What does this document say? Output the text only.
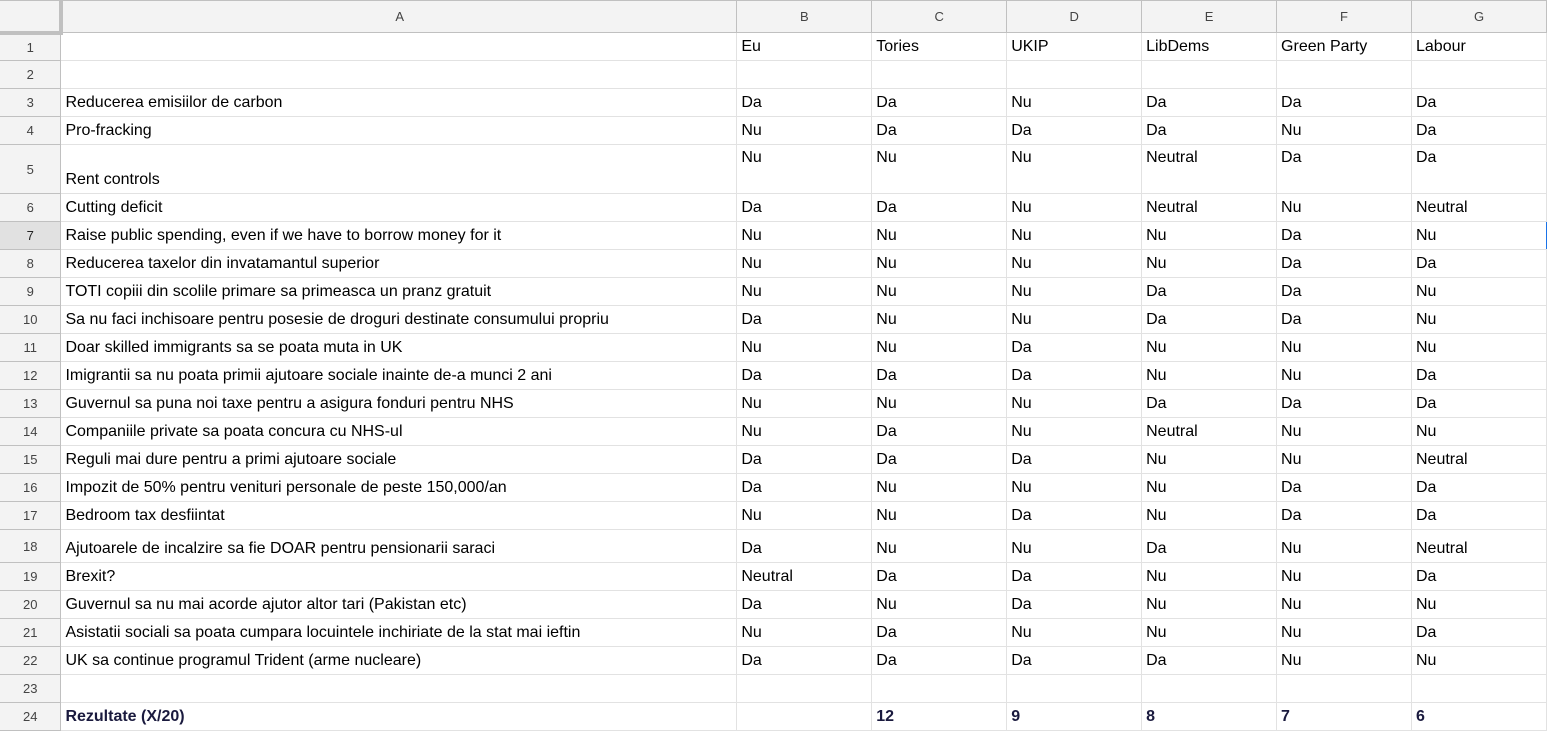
	A	B	C	D	E	F	G
1		Eu	Tories	UKIP	LibDems	Green Party	Labour
2							
3	Reducerea emisiilor de carbon	Da	Da	Nu	Da	Da	Da
4	Pro-fracking	Nu	Da	Da	Da	Nu	Da
5	Rent controls	Nu	Nu	Nu	Neutral	Da	Da
6	Cutting deficit	Da	Da	Nu	Neutral	Nu	Neutral
7	Raise public spending, even if we have to borrow money for it	Nu	Nu	Nu	Nu	Da	Nu
8	Reducerea taxelor din invatamantul superior	Nu	Nu	Nu	Nu	Da	Da
9	TOTI copiii din scolile primare sa primeasca un pranz gratuit	Nu	Nu	Nu	Da	Da	Nu
10	Sa nu faci inchisoare pentru posesie de droguri destinate consumului propriu	Da	Nu	Nu	Da	Da	Nu
11	Doar skilled immigrants sa se poata muta in UK	Nu	Nu	Da	Nu	Nu	Nu
12	Imigrantii sa nu poata primii ajutoare sociale inainte de-a munci 2 ani	Da	Da	Da	Nu	Nu	Da
13	Guvernul sa puna noi taxe pentru a asigura fonduri pentru NHS	Nu	Nu	Nu	Da	Da	Da
14	Companiile private sa poata concura cu NHS-ul	Nu	Da	Nu	Neutral	Nu	Nu
15	Reguli mai dure pentru a primi ajutoare sociale	Da	Da	Da	Nu	Nu	Neutral
16	Impozit de 50% pentru venituri personale de peste 150,000/an	Da	Nu	Nu	Nu	Da	Da
17	Bedroom tax desfiintat	Nu	Nu	Da	Nu	Da	Da
18	Ajutoarele de incalzire sa fie DOAR pentru pensionarii saraci	Da	Nu	Nu	Da	Nu	Neutral
19	Brexit?	Neutral	Da	Da	Nu	Nu	Da
20	Guvernul sa nu mai acorde ajutor altor tari (Pakistan etc)	Da	Nu	Da	Nu	Nu	Nu
21	Asistatii sociali sa poata cumpara locuintele inchiriate de la stat mai ieftin	Nu	Da	Nu	Nu	Nu	Da
22	UK sa continue programul Trident (arme nucleare)	Da	Da	Da	Da	Nu	Nu
23							
24	Rezultate (X/20)		12	9	8	7	6
